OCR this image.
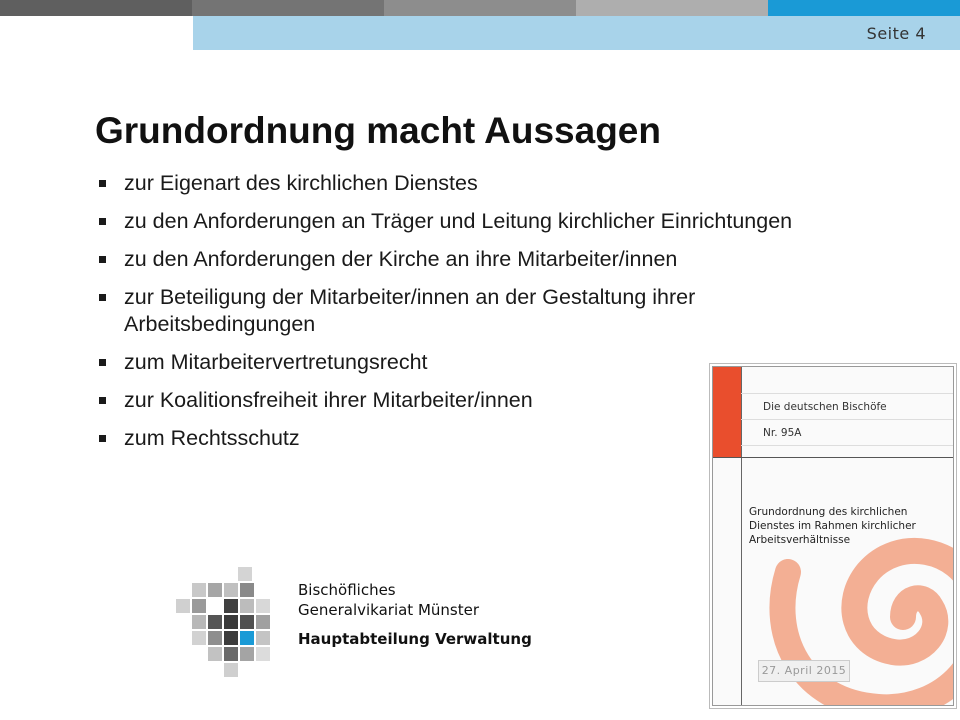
Seite 4
Grundordnung macht Aussagen
zur Eigenart des kirchlichen Dienstes
zu den Anforderungen an Träger und Leitung kirchlicher Einrichtungen
zu den Anforderungen der Kirche an ihre Mitarbeiter/innen
zur Beteiligung der Mitarbeiter/innen an der Gestaltung ihrer Arbeitsbedingungen
zum Mitarbeitervertretungsrecht
zur Koalitionsfreiheit ihrer Mitarbeiter/innen
zum Rechtsschutz
Bischöfliches
Generalvikariat Münster
Hauptabteilung Verwaltung
Die deutschen Bischöfe
Nr. 95A
Grundordnung des kirchlichen Dienstes im Rahmen kirchlicher Arbeitsverhältnisse
27. April 2015
